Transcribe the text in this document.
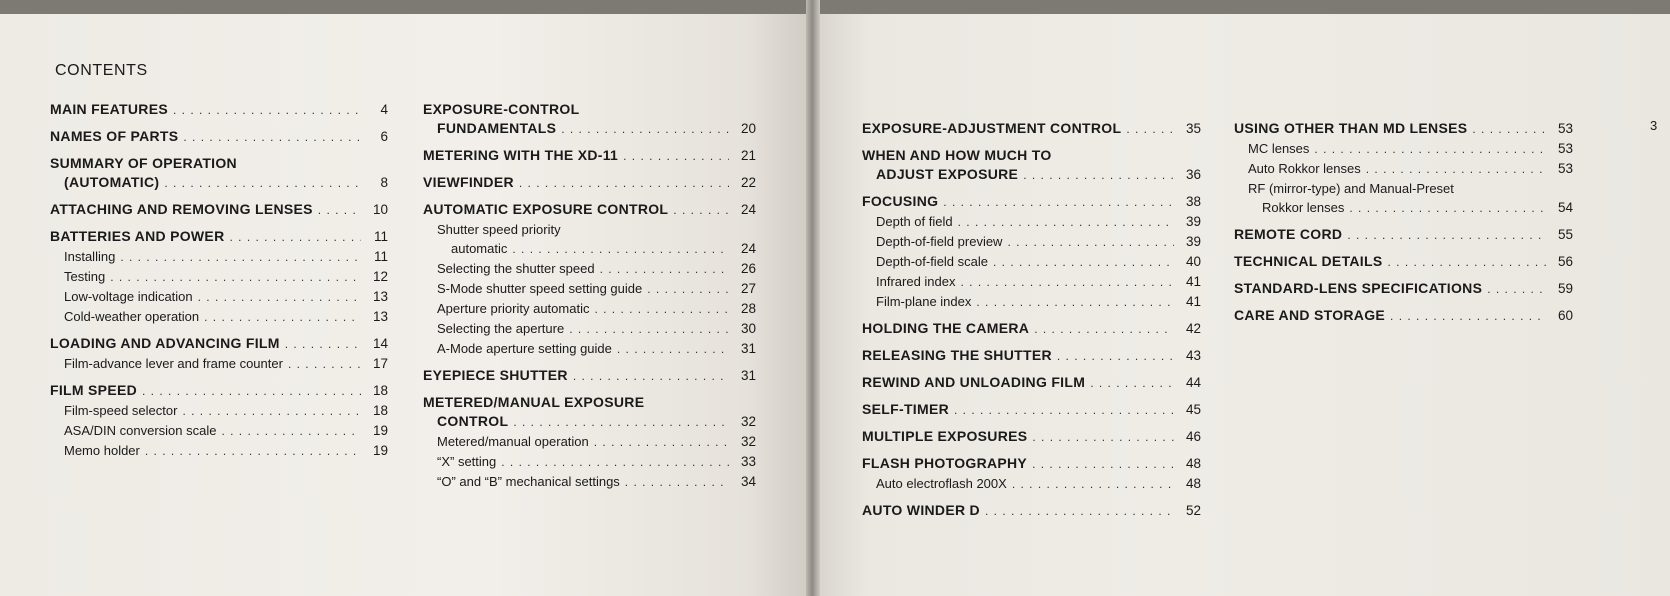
CONTENTS
MAIN FEATURES . . .	4
NAMES OF PARTS . . .	6
SUMMARY OF OPERATION
(AUTOMATIC) . . .	8
ATTACHING AND REMOVING LENSES . . .	10
BATTERIES AND POWER . . .	11
Installing . . .	11
Testing . . .	12
Low-voltage indication . . .	13
Cold-weather operation . . .	13
LOADING AND ADVANCING FILM . . .	14
Film-advance lever and frame counter . . .	17
FILM SPEED . . .	18
Film-speed selector . . .	18
ASA/DIN conversion scale . . .	19
Memo holder . . .	19
EXPOSURE-CONTROL
FUNDAMENTALS . . .	20
METERING WITH THE XD-11 . . .	21
VIEWFINDER . . .	22
AUTOMATIC EXPOSURE CONTROL . . .	24
Shutter speed priority
automatic . . .	24
Selecting the shutter speed . . .	26
S-Mode shutter speed setting guide . . .	27
Aperture priority automatic . . .	28
Selecting the aperture . . .	30
A-Mode aperture setting guide . . .	31
EYEPIECE SHUTTER . . .	31
METERED/MANUAL EXPOSURE
CONTROL . . .	32
Metered/manual operation . . .	32
“X” setting . . .	33
“O” and “B” mechanical settings . . .	34
EXPOSURE-ADJUSTMENT CONTROL . . .	35
WHEN AND HOW MUCH TO
ADJUST EXPOSURE . . .	36
FOCUSING . . .	38
Depth of field . . .	39
Depth-of-field preview . . .	39
Depth-of-field scale . . .	40
Infrared index . . .	41
Film-plane index . . .	41
HOLDING THE CAMERA . . .	42
RELEASING THE SHUTTER . . .	43
REWIND AND UNLOADING FILM . . .	44
SELF-TIMER . . .	45
MULTIPLE EXPOSURES . . .	46
FLASH PHOTOGRAPHY . . .	48
Auto electroflash 200X . . .	48
AUTO WINDER D . . .	52
USING OTHER THAN MD LENSES . . .	53
MC lenses . . .	53
Auto Rokkor lenses . . .	53
RF (mirror-type) and Manual-Preset
Rokkor lenses . . .	54
REMOTE CORD . . .	55
TECHNICAL DETAILS . . .	56
STANDARD-LENS SPECIFICATIONS . . .	59
CARE AND STORAGE . . .	60
3
